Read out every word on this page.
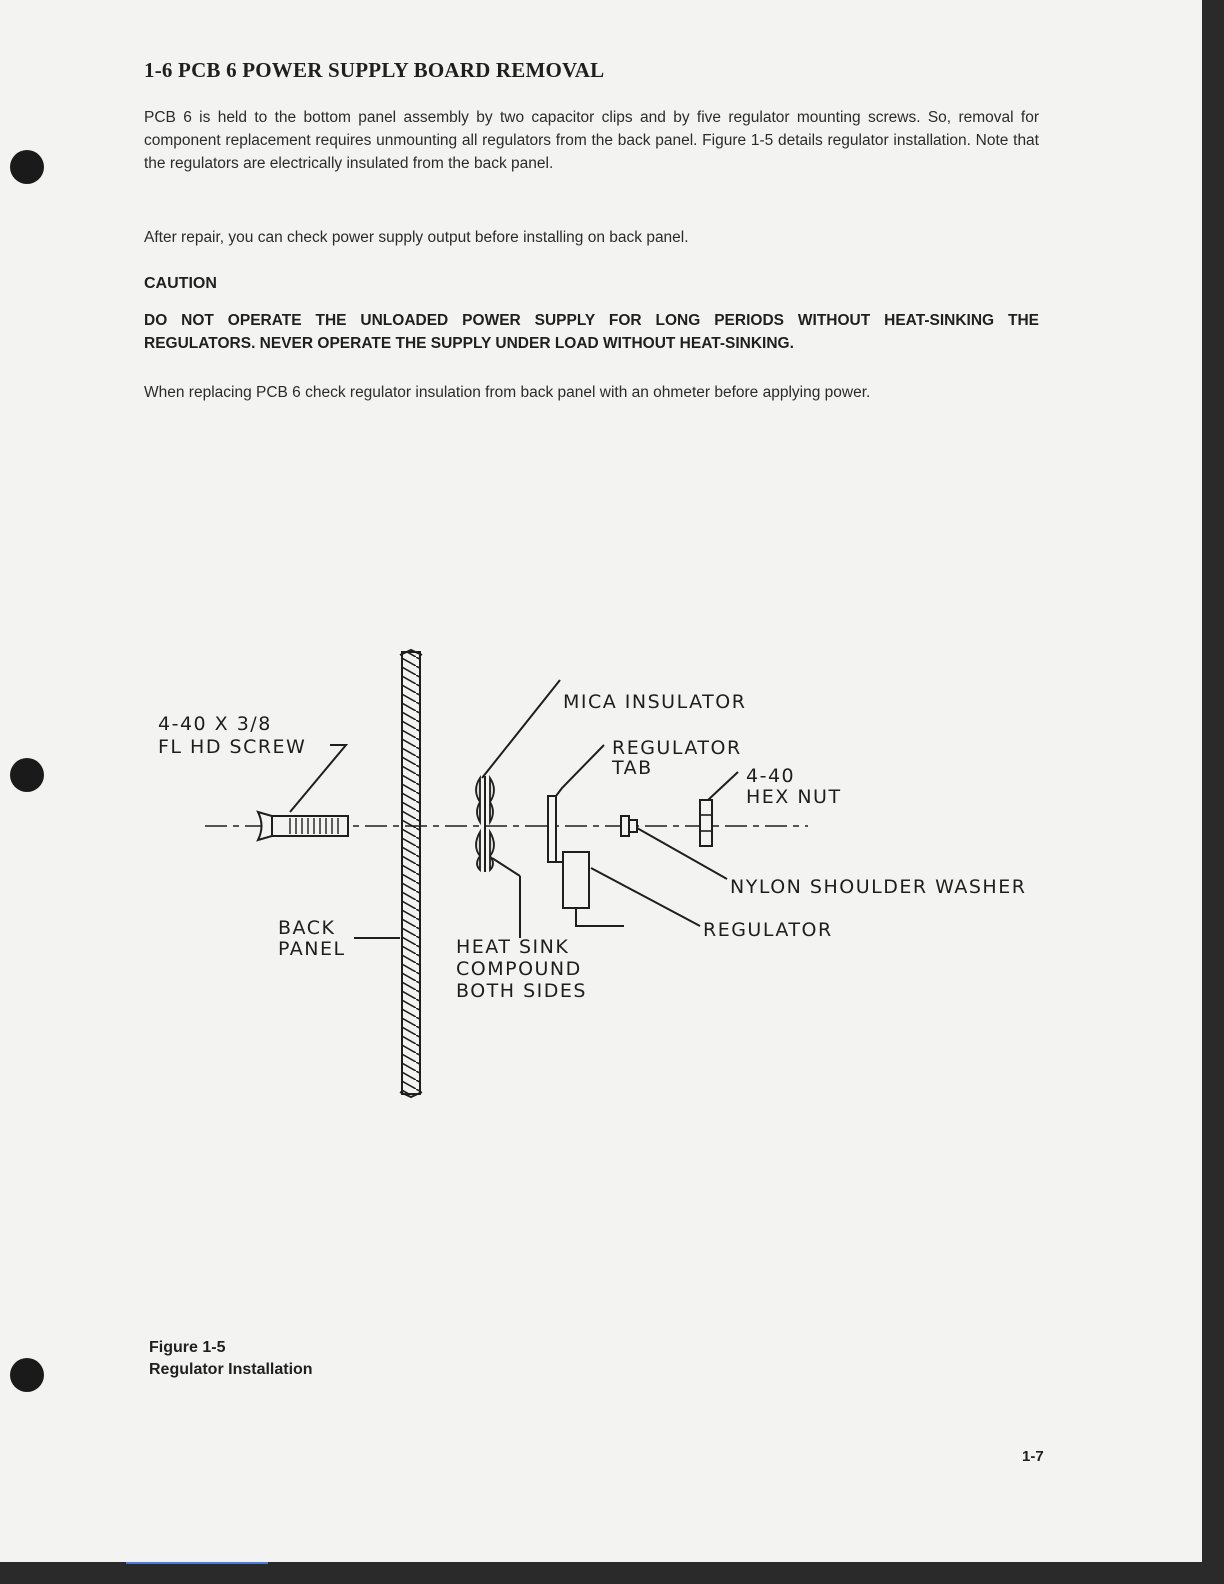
1-6 PCB 6 POWER SUPPLY BOARD REMOVAL

PCB 6 is held to the bottom panel assembly by two capacitor clips and by five regulator mounting screws. So, removal for component replacement requires unmounting all regulators from the back panel. Figure 1-5 details regulator installation. Note that the regulators are electrically insulated from the back panel.

After repair, you can check power supply output before installing on back panel.

CAUTION

DO NOT OPERATE THE UNLOADED POWER SUPPLY FOR LONG PERIODS WITHOUT HEAT-SINKING THE REGULATORS. NEVER OPERATE THE SUPPLY UNDER LOAD WITHOUT HEAT-SINKING.

When replacing PCB 6 check regulator insulation from back panel with an ohmeter before applying power.

4-40 X 3/8
FL HD SCREW
MICA INSULATOR
REGULATOR
TAB	4-40
HEX NUT
NYLON SHOULDER WASHER
REGULATOR
BACK
PANEL	HEAT SINK
COMPOUND
BOTH SIDES

Figure 1-5

Regulator Installation

1-7
